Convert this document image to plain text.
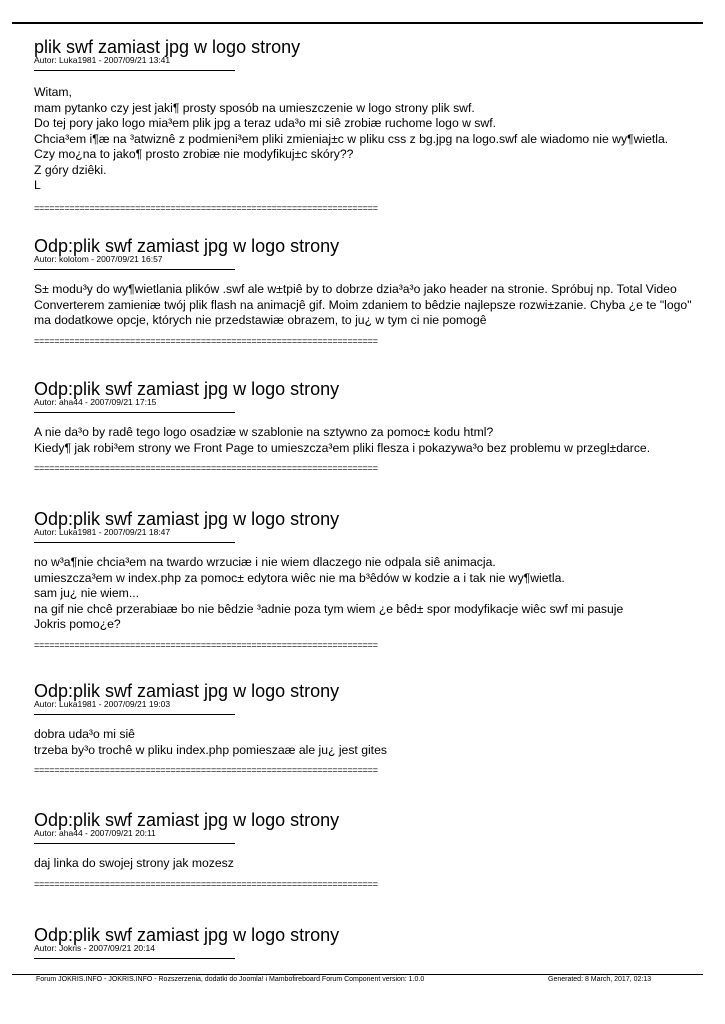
plik swf zamiast jpg w logo strony
Autor: Luka1981 - 2007/09/21 13:41
Witam,
mam pytanko czy jest jaki¶ prosty sposób na umieszczenie w logo strony plik swf.
Do tej pory jako logo mia³em plik jpg a teraz uda³o mi siê zrobiæ ruchome logo w swf.
Chcia³em i¶æ na ³atwiznê z podmieni³em pliki zmieniaj±c w pliku css z bg.jpg na logo.swf ale wiadomo nie wy¶wietla.
Czy mo¿na to jako¶ prosto zrobiæ nie modyfikuj±c skóry??
Z góry dziêki.
L
====================================================================
Odp:plik swf zamiast jpg w logo strony
Autor: kolotom - 2007/09/21 16:57
S± modu³y do wy¶wietlania plików .swf ale w±tpiê by to dobrze dzia³a³o jako header na stronie. Spróbuj np. Total Video
Converterem zamieniæ twój plik flash na animacjê gif. Moim zdaniem to bêdzie najlepsze rozwi±zanie. Chyba ¿e te "logo"
ma dodatkowe opcje, których nie przedstawiæ obrazem, to ju¿ w tym ci nie pomogê
====================================================================
Odp:plik swf zamiast jpg w logo strony
Autor: aha44 - 2007/09/21 17:15
A nie da³o by radê tego logo osadziæ w szablonie na sztywno za pomoc± kodu html?
Kiedy¶ jak robi³em strony we Front Page to umieszcza³em pliki flesza i pokazywa³o bez problemu w przegl±darce.
====================================================================
Odp:plik swf zamiast jpg w logo strony
Autor: Luka1981 - 2007/09/21 18:47
no w³a¶nie chcia³em na twardo wrzuciæ i nie wiem dlaczego nie odpala siê animacja.
umieszcza³em w index.php za pomoc± edytora wiêc nie ma b³êdów w kodzie a i tak nie wy¶wietla.
sam ju¿ nie wiem...
na gif nie chcê przerabiaæ bo nie bêdzie ³adnie poza tym wiem ¿e bêd± spor modyfikacje wiêc swf mi pasuje
Jokris pomo¿e?
====================================================================
Odp:plik swf zamiast jpg w logo strony
Autor: Luka1981 - 2007/09/21 19:03
dobra uda³o mi siê
trzeba by³o trochê w pliku index.php pomieszaæ ale ju¿ jest gites
====================================================================
Odp:plik swf zamiast jpg w logo strony
Autor: aha44 - 2007/09/21 20:11
daj linka do swojej strony jak mozesz
====================================================================
Odp:plik swf zamiast jpg w logo strony
Autor: Jokris - 2007/09/21 20:14
Forum JOKRIS.INFO - JOKRIS.INFO - Rozszerzenia, dodatki do Joomla! i Mambofireboard Forum Component version: 1.0.0	Generated: 8 March, 2017, 02:13
